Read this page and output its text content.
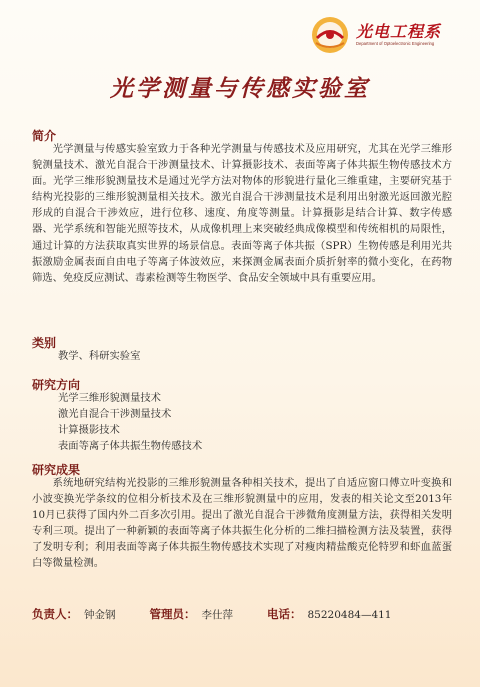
光电工程系
Department of Optoelectronic Engineering
光学测量与传感实验室
简介
光学测量与传感实验室致力于各种光学测量与传感技术及应用研究，尤其在光学三维形貌测量技术、激光自混合干涉测量技术、计算摄影技术、表面等离子体共振生物传感技术方面。光学三维形貌测量技术是通过光学方法对物体的形貌进行量化三维重建，主要研究基于结构光投影的三维形貌测量相关技术。激光自混合干涉测量技术是利用出射激光返回激光腔形成的自混合干涉效应，进行位移、速度、角度等测量。计算摄影是结合计算、数字传感器、光学系统和智能光照等技术，从成像机理上来突破经典成像模型和传统相机的局限性，通过计算的方法获取真实世界的场景信息。表面等离子体共振（SPR）生物传感是利用光共振激励金属表面自由电子等离子体波效应，来探测金属表面介质折射率的微小变化，在药物筛选、免疫反应测试、毒素检测等生物医学、食品安全领域中具有重要应用。
类别
教学、科研实验室
研究方向
光学三维形貌测量技术
激光自混合干涉测量技术
计算摄影技术
表面等离子体共振生物传感技术
研究成果
系统地研究结构光投影的三维形貌测量各种相关技术，提出了自适应窗口傅立叶变换和小波变换光学条纹的位相分析技术及在三维形貌测量中的应用，发表的相关论文至2013年10月已获得了国内外二百多次引用。提出了激光自混合干涉微角度测量方法，获得相关发明专利三项。提出了一种新颖的表面等离子体共振生化分析的二维扫描检测方法及装置，获得了发明专利；利用表面等离子体共振生物传感技术实现了对瘦肉精盐酸克伦特罗和虾血蓝蛋白等微量检测。
负责人： 钟金钢	管理员： 李仕萍	电话： 85220484—411
